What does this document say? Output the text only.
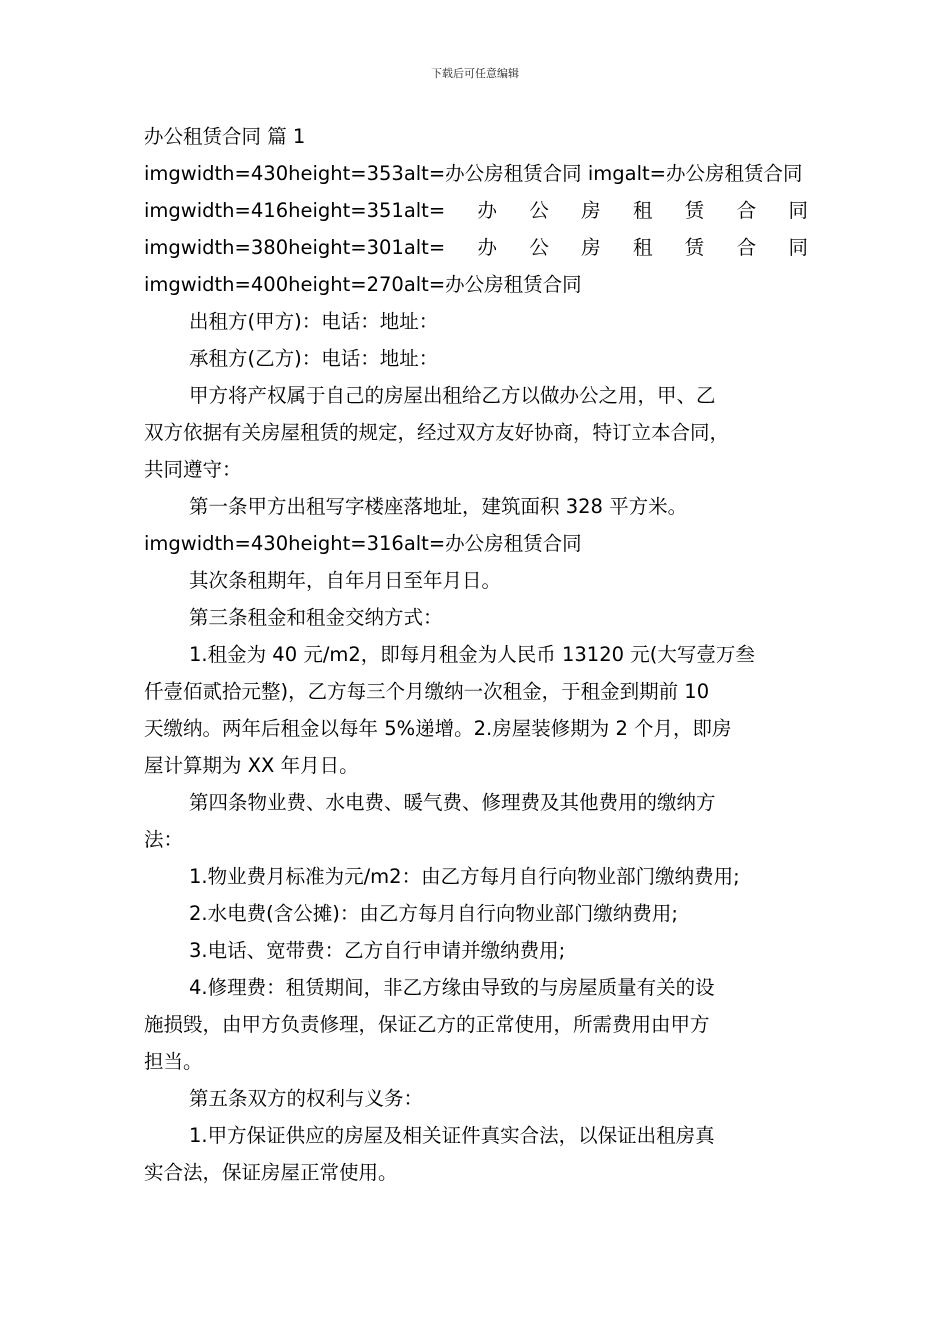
下载后可任意编辑
办公租赁合同 篇 1
imgwidth=430height=353alt=办公房租赁合同 imgalt=办公房租赁合同
imgwidth=416height=351alt= 办 公 房 租 赁 合 同
imgwidth=380height=301alt= 办 公 房 租 赁 合 同
imgwidth=400height=270alt=办公房租赁合同
出租方(甲方)：电话：地址：
承租方(乙方)：电话：地址：
甲方将产权属于自己的房屋出租给乙方以做办公之用，甲、乙
双方依据有关房屋租赁的规定，经过双方友好协商，特订立本合同，
共同遵守：
第一条甲方出租写字楼座落地址，建筑面积 328 平方米。
imgwidth=430height=316alt=办公房租赁合同
其次条租期年，自年月日至年月日。
第三条租金和租金交纳方式：
1.租金为 40 元/m2，即每月租金为人民币 13120 元(大写壹万叁
仟壹佰贰拾元整)，乙方每三个月缴纳一次租金，于租金到期前 10
天缴纳。两年后租金以每年 5%递增。2.房屋装修期为 2 个月，即房
屋计算期为 XX 年月日。
第四条物业费、水电费、暖气费、修理费及其他费用的缴纳方
法：
1.物业费月标准为元/m2：由乙方每月自行向物业部门缴纳费用;
2.水电费(含公摊)：由乙方每月自行向物业部门缴纳费用;
3.电话、宽带费：乙方自行申请并缴纳费用;
4.修理费：租赁期间，非乙方缘由导致的与房屋质量有关的设
施损毁，由甲方负责修理，保证乙方的正常使用，所需费用由甲方
担当。
第五条双方的权利与义务：
1.甲方保证供应的房屋及相关证件真实合法，以保证出租房真
实合法，保证房屋正常使用。
